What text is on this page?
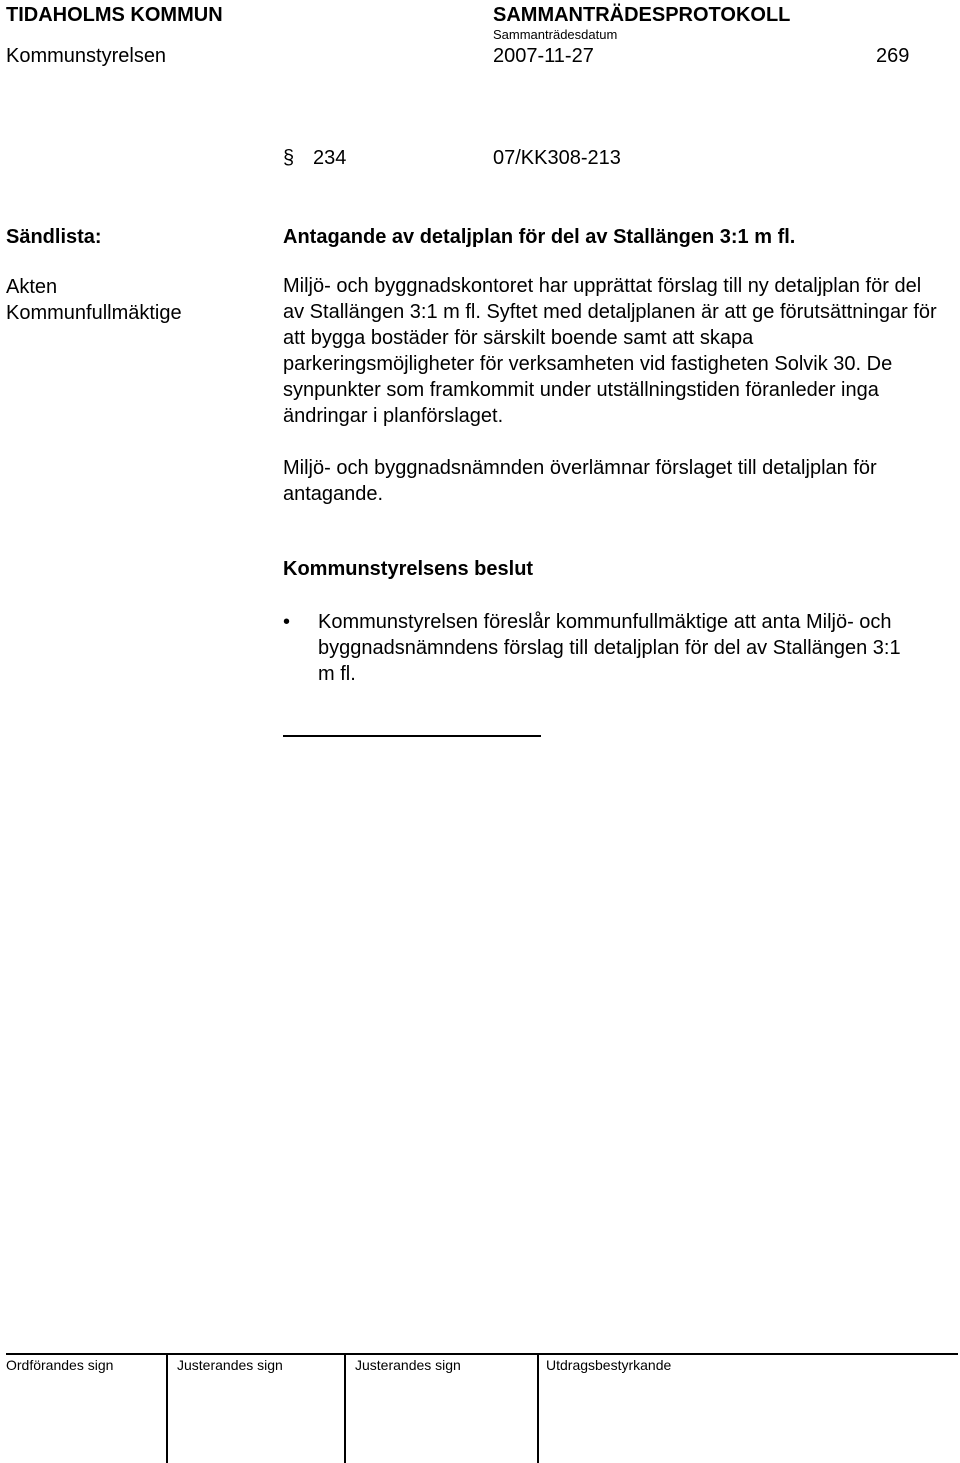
TIDAHOLMS KOMMUN	SAMMANTRÄDESPROTOKOLL
Sammanträdesdatum
Kommunstyrelsen	2007-11-27	269
§ 234	07/KK308-213
Sändlista:
Akten
Kommunfullmäktige
Antagande av detaljplan för del av Stallängen 3:1 m fl.
Miljö- och byggnadskontoret har upprättat förslag till ny detaljplan för del av Stallängen 3:1 m fl. Syftet med detaljplanen är att ge förutsättningar för att bygga bostäder för särskilt boende samt att skapa parkeringsmöjligheter för verksamheten vid fastigheten Solvik 30. De synpunkter som framkommit under utställningstiden föranleder inga ändringar i planförslaget.
Miljö- och byggnadsnämnden överlämnar förslaget till detaljplan för antagande.
Kommunstyrelsens beslut
• Kommunstyrelsen föreslår kommunfullmäktige att anta Miljö- och byggnadsnämndens förslag till detaljplan för del av Stallängen 3:1 m fl.
Ordförandes sign	Justerandes sign	Justerandes sign	Utdragsbestyrkande
